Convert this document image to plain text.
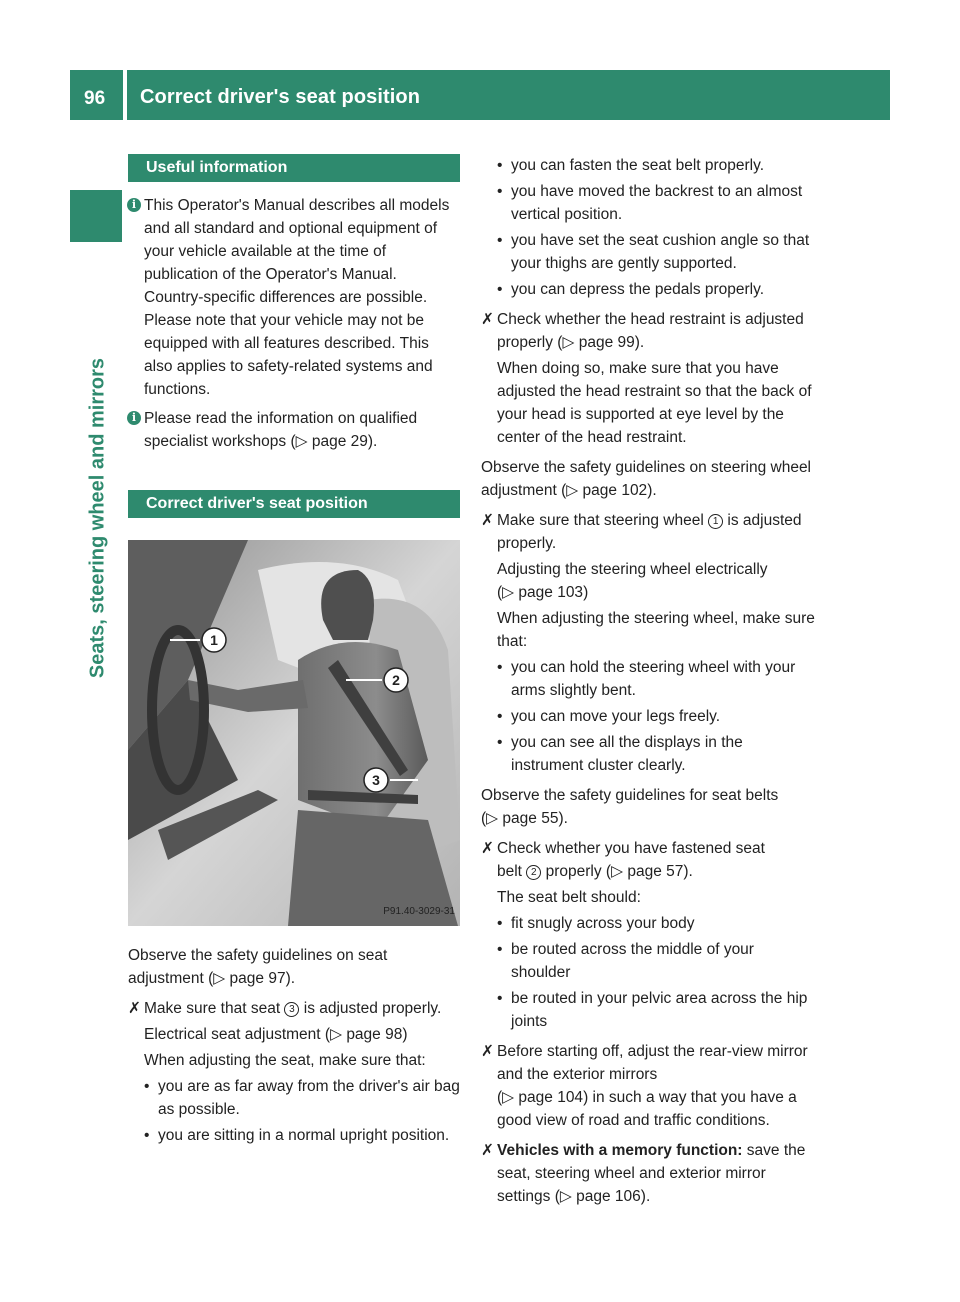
96 Correct driver's seat position
Seats, steering wheel and mirrors
Useful information

i This Operator's Manual describes all models and all standard and optional equipment of your vehicle available at the time of publication of the Operator's Manual. Country-specific differences are possible. Please note that your vehicle may not be equipped with all features described. This also applies to safety-related systems and functions.

i Please read the information on qualified specialist workshops (▷ page 29).

Correct driver's seat position
1
2
3
P91.40-3029-31

Observe the safety guidelines on seat adjustment (▷ page 97).

✗ Make sure that seat 3 is adjusted properly.

Electrical seat adjustment (▷ page 98)

When adjusting the seat, make sure that:

• you are as far away from the driver's air bag as possible.

• you are sitting in a normal upright position.

• you can fasten the seat belt properly.

• you have moved the backrest to an almost vertical position.

• you have set the seat cushion angle so that your thighs are gently supported.

• you can depress the pedals properly.

✗ Check whether the head restraint is adjusted properly (▷ page 99).

When doing so, make sure that you have adjusted the head restraint so that the back of your head is supported at eye level by the center of the head restraint.

Observe the safety guidelines on steering wheel adjustment (▷ page 102).

✗ Make sure that steering wheel 1 is adjusted properly.

Adjusting the steering wheel electrically
(▷ page 103)

When adjusting the steering wheel, make sure that:

• you can hold the steering wheel with your arms slightly bent.

• you can move your legs freely.

• you can see all the displays in the instrument cluster clearly.

Observe the safety guidelines for seat belts
(▷ page 55).

✗ Check whether you have fastened seat
belt 2 properly (▷ page 57).

The seat belt should:

• fit snugly across your body

• be routed across the middle of your shoulder

• be routed in your pelvic area across the hip joints

✗ Before starting off, adjust the rear-view mirror and the exterior mirrors
(▷ page 104) in such a way that you have a good view of road and traffic conditions.

✗ Vehicles with a memory function: save the seat, steering wheel and exterior mirror settings (▷ page 106).
